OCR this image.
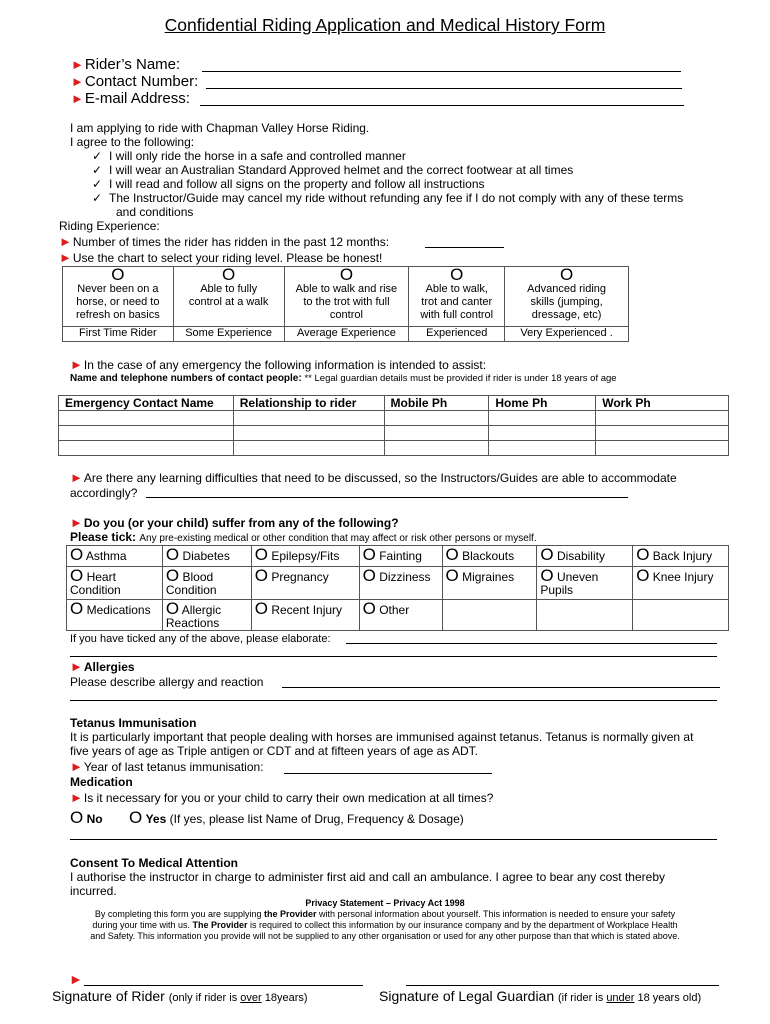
Confidential Riding Application and Medical History Form
►Rider’s Name:
►Contact Number:
►E-mail Address:
I am applying to ride with Chapman Valley Horse Riding.
I agree to the following:
✓ I will only ride the horse in a safe and controlled manner
✓ I will wear an Australian Standard Approved helmet and the correct footwear at all times
✓ I will read and follow all signs on the property and follow all instructions
✓ The Instructor/Guide may cancel my ride without refunding any fee if I do not comply with any of these terms
and conditions
Riding Experience:
►Number of times the rider has ridden in the past 12 months:
►Use the chart to select your riding level. Please be honest!
O
Never been on a
horse, or need to
refresh on basics	O
Able to fully
control at a walk	O
Able to walk and rise
to the trot with full
control	O
Able to walk,
trot and canter
with full control	O
Advanced riding
skills (jumping,
dressage, etc)
First Time Rider	Some Experience	Average Experience	Experienced	Very Experienced .
►In the case of any emergency the following information is intended to assist:
Name and telephone numbers of contact people: ** Legal guardian details must be provided if rider is under 18 years of age
Emergency Contact Name	Relationship to rider	Mobile Ph	Home Ph	Work Ph

►Are there any learning difficulties that need to be discussed, so the Instructors/Guides are able to accommodate
accordingly?
►Do you (or your child) suffer from any of the following?
Please tick: Any pre-existing medical or other condition that may affect or risk other persons or myself.
O Asthma	O Diabetes	O Epilepsy/Fits	O Fainting	O Blackouts	O Disability	O Back Injury
O Heart
Condition	O Blood
Condition	O Pregnancy	O Dizziness	O Migraines	O Uneven
Pupils	O Knee Injury
O Medications	O Allergic
Reactions	O Recent Injury	O Other			
If you have ticked any of the above, please elaborate:
►Allergies
Please describe allergy and reaction
Tetanus Immunisation
It is particularly important that people dealing with horses are immunised against tetanus. Tetanus is normally given at
five years of age as Triple antigen or CDT and at fifteen years of age as ADT.
►Year of last tetanus immunisation:
Medication
►Is it necessary for you or your child to carry their own medication at all times?
O No O Yes (If yes, please list Name of Drug, Frequency & Dosage)
Consent To Medical Attention
I authorise the instructor in charge to administer first aid and call an ambulance. I agree to bear any cost thereby
incurred.
Privacy Statement – Privacy Act 1998
By completing this form you are supplying the Provider with personal information about yourself. This information is needed to ensure your safety
during your time with us. The Provider is required to collect this information by our insurance company and by the department of Workplace Health
and Safety. This information you provide will not be supplied to any other organisation or used for any other purpose than that which is stated above.
►
Signature of Rider (only if rider is over 18years)	Signature of Legal Guardian (if rider is under 18 years old)
